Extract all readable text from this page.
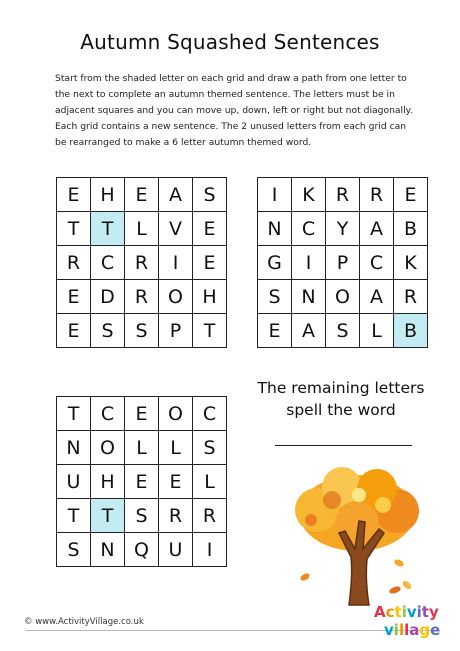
Autumn Squashed Sentences
Start from the shaded letter on each grid and draw a path from one letter to the next to complete an autumn themed sentence. The letters must be in adjacent squares and you can move up, down, left or right but not diagonally. Each grid contains a new sentence. The 2 unused letters from each grid can be rearranged to make a 6 letter autumn themed word.
E	H	E	A	S
T	T	L	V	E
R	C	R	I	E
E	D	R	O	H
E	S	S	P	T
I	K	R	R	E
N	C	Y	A	B
G	I	P	C	K
S	N	O	A	R
E	A	S	L	B
T	C	E	O	C
N	O	L	L	S
U	H	E	E	L
T	T	S	R	R
S	N	Q	U	I
The remaining letters
spell the word
© www.ActivityVillage.co.uk
Activity
village
